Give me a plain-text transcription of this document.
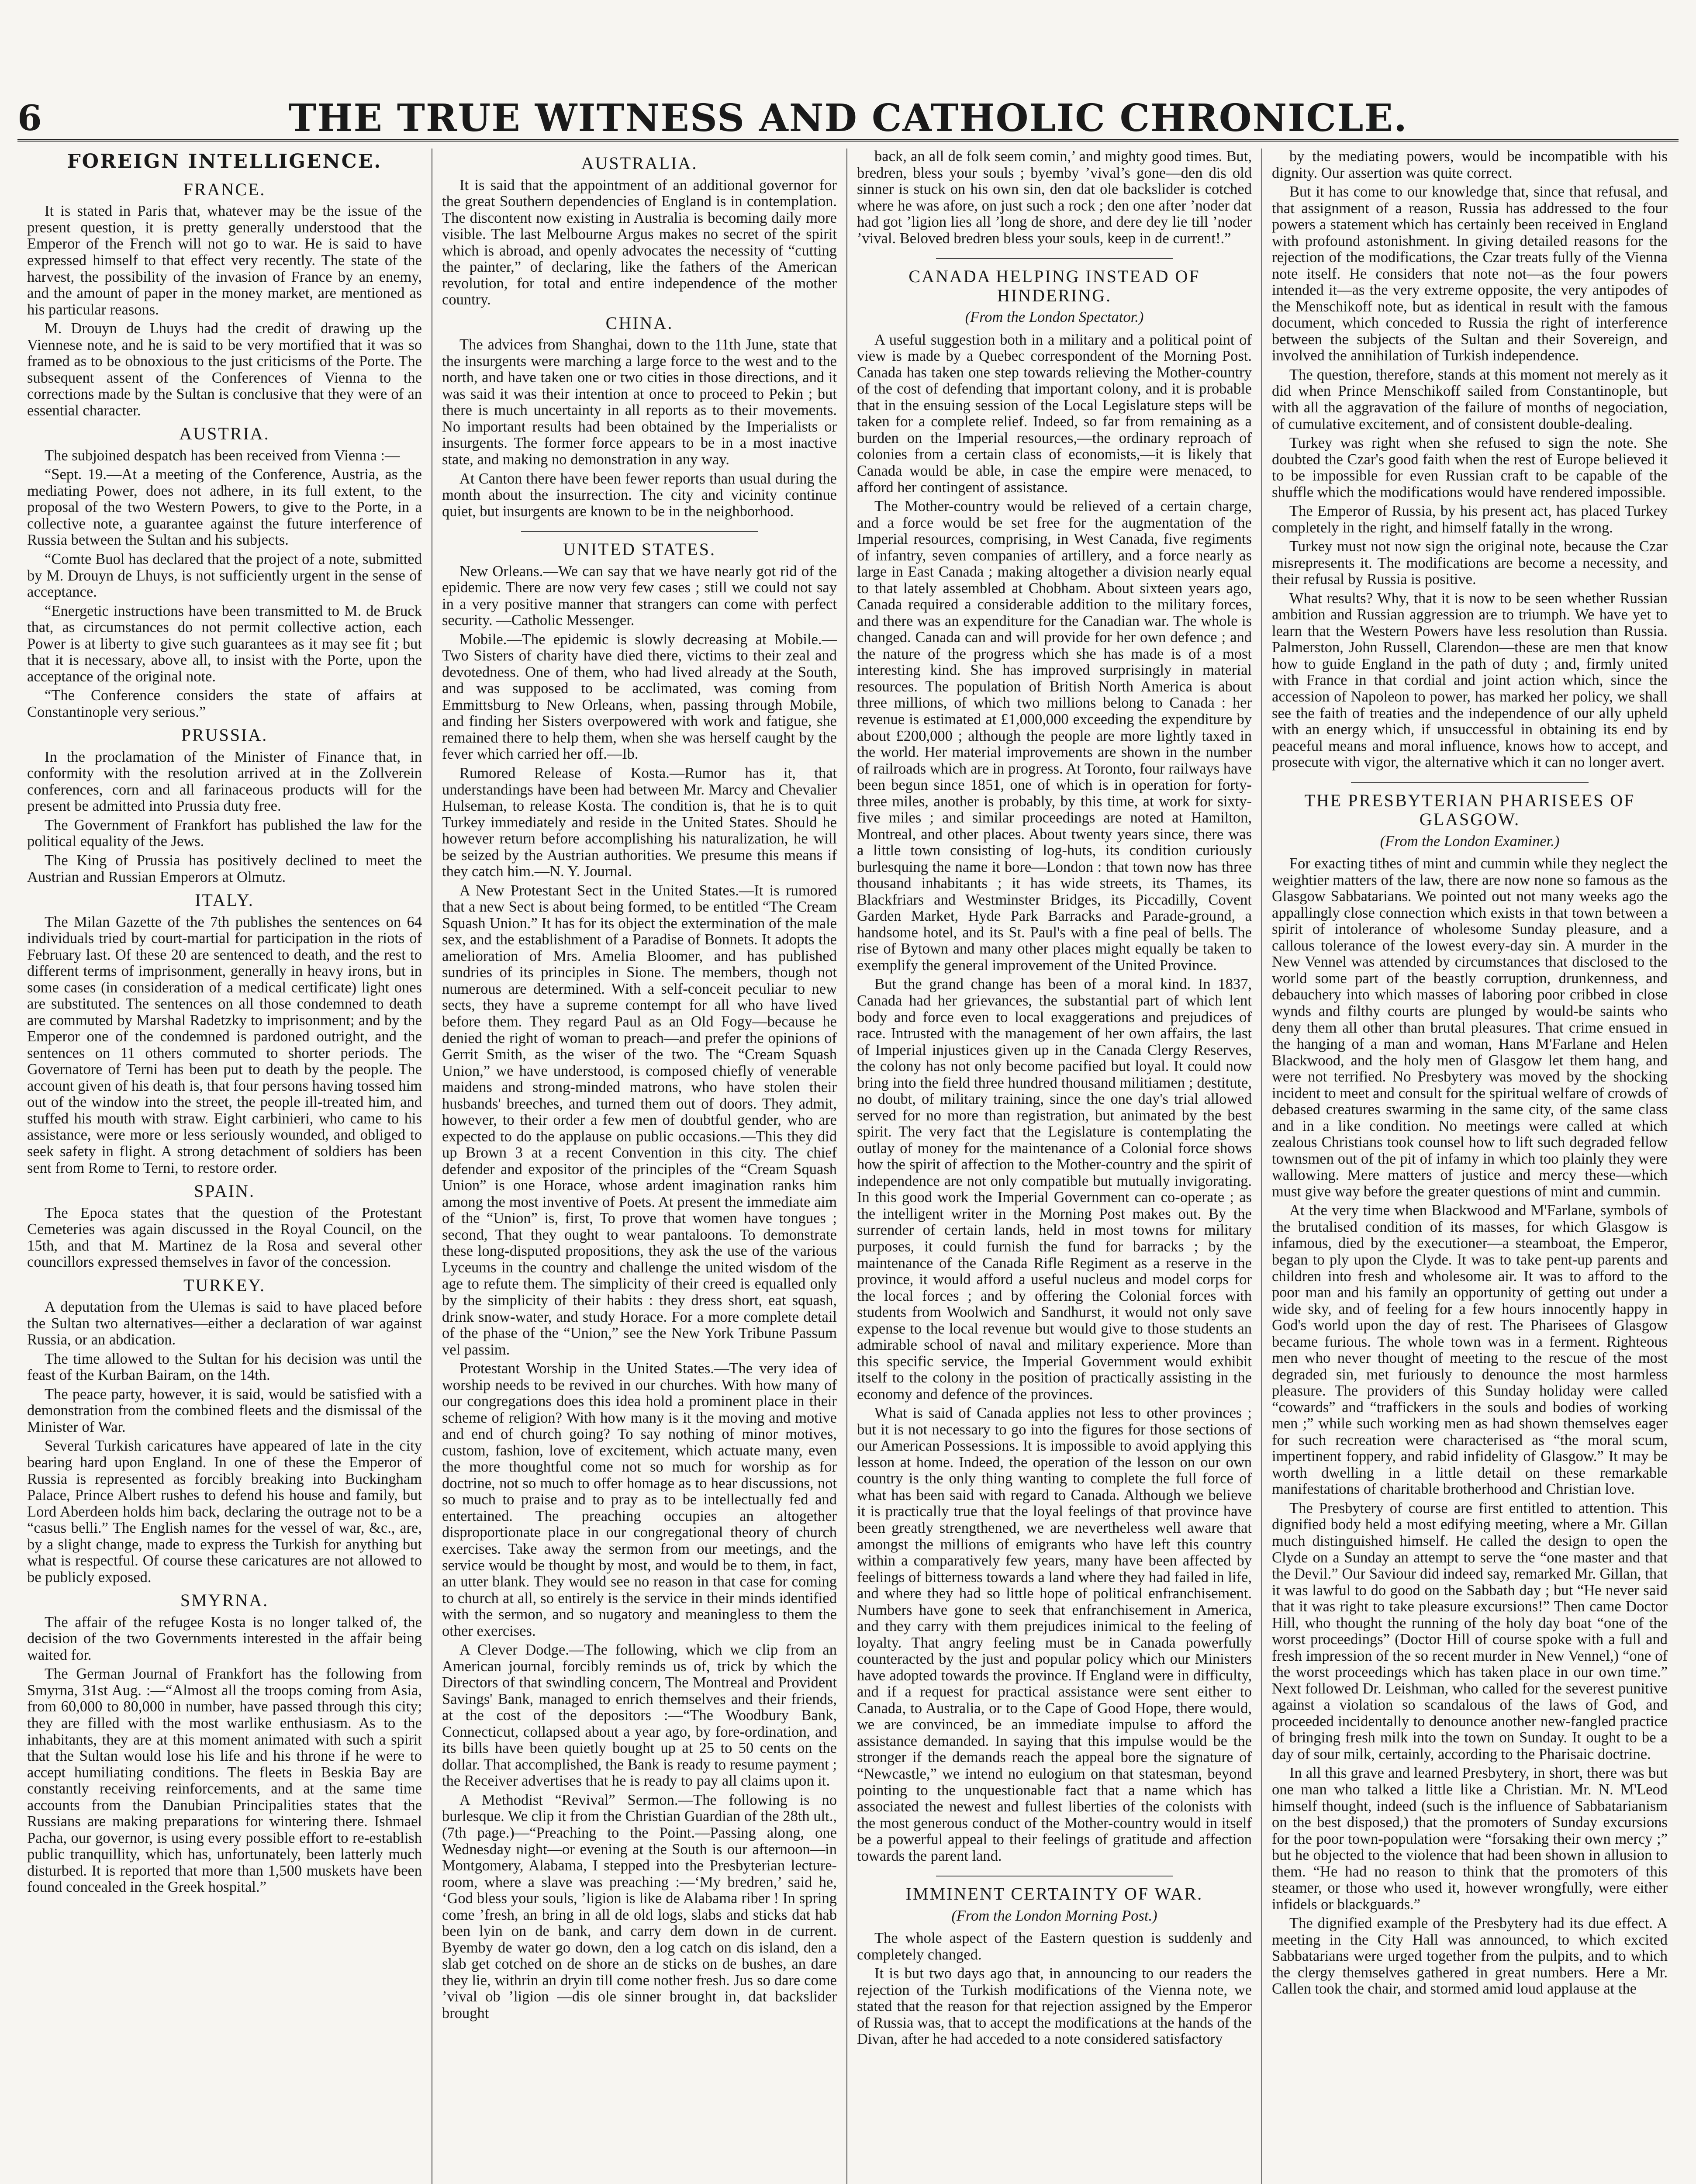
6	THE TRUE WITNESS AND CATHOLIC CHRONICLE.
FOREIGN INTELLIGENCE.
FRANCE.

It is stated in Paris that, whatever may be the issue of the present question, it is pretty generally understood that the Emperor of the French will not go to war. He is said to have expressed himself to that effect very recently. The state of the harvest, the possibility of the invasion of France by an enemy, and the amount of paper in the money market, are mentioned as his particular reasons.

M. Drouyn de Lhuys had the credit of drawing up the Viennese note, and he is said to be very mortified that it was so framed as to be obnoxious to the just criticisms of the Porte. The subsequent assent of the Conferences of Vienna to the corrections made by the Sultan is conclusive that they were of an essential character.

AUSTRIA.

The subjoined despatch has been received from Vienna :—

“Sept. 19.—At a meeting of the Conference, Austria, as the mediating Power, does not adhere, in its full extent, to the proposal of the two Western Powers, to give to the Porte, in a collective note, a guarantee against the future interference of Russia between the Sultan and his subjects.

“Comte Buol has declared that the project of a note, submitted by M. Drouyn de Lhuys, is not sufficiently urgent in the sense of acceptance.

“Energetic instructions have been transmitted to M. de Bruck that, as circumstances do not permit collective action, each Power is at liberty to give such guarantees as it may see fit ; but that it is necessary, above all, to insist with the Porte, upon the acceptance of the original note.

“The Conference considers the state of affairs at Constantinople very serious.”

PRUSSIA.

In the proclamation of the Minister of Finance that, in conformity with the resolution arrived at in the Zollverein conferences, corn and all farinaceous products will for the present be admitted into Prussia duty free.

The Government of Frankfort has published the law for the political equality of the Jews.

The King of Prussia has positively declined to meet the Austrian and Russian Emperors at Olmutz.

ITALY.

The Milan Gazette of the 7th publishes the sentences on 64 individuals tried by court-martial for participation in the riots of February last. Of these 20 are sentenced to death, and the rest to different terms of imprisonment, generally in heavy irons, but in some cases (in consideration of a medical certificate) light ones are substituted. The sentences on all those condemned to death are commuted by Marshal Radetzky to imprisonment; and by the Emperor one of the condemned is pardoned outright, and the sentences on 11 others commuted to shorter periods. The Governatore of Terni has been put to death by the people. The account given of his death is, that four persons having tossed him out of the window into the street, the people ill-treated him, and stuffed his mouth with straw. Eight carbinieri, who came to his assistance, were more or less seriously wounded, and obliged to seek safety in flight. A strong detachment of soldiers has been sent from Rome to Terni, to restore order.

SPAIN.

The Epoca states that the question of the Protestant Cemeteries was again discussed in the Royal Council, on the 15th, and that M. Martinez de la Rosa and several other councillors expressed themselves in favor of the concession.

TURKEY.

A deputation from the Ulemas is said to have placed before the Sultan two alternatives—either a declaration of war against Russia, or an abdication.

The time allowed to the Sultan for his decision was until the feast of the Kurban Bairam, on the 14th.

The peace party, however, it is said, would be satisfied with a demonstration from the combined fleets and the dismissal of the Minister of War.

Several Turkish caricatures have appeared of late in the city bearing hard upon England. In one of these the Emperor of Russia is represented as forcibly breaking into Buckingham Palace, Prince Albert rushes to defend his house and family, but Lord Aberdeen holds him back, declaring the outrage not to be a “casus belli.” The English names for the vessel of war, &c., are, by a slight change, made to express the Turkish for anything but what is respectful. Of course these caricatures are not allowed to be publicly exposed.

SMYRNA.

The affair of the refugee Kosta is no longer talked of, the decision of the two Governments interested in the affair being waited for.

The German Journal of Frankfort has the following from Smyrna, 31st Aug. :—“Almost all the troops coming from Asia, from 60,000 to 80,000 in number, have passed through this city; they are filled with the most warlike enthusiasm. As to the inhabitants, they are at this moment animated with such a spirit that the Sultan would lose his life and his throne if he were to accept humiliating conditions. The fleets in Beskia Bay are constantly receiving reinforcements, and at the same time accounts from the Danubian Principalities states that the Russians are making preparations for wintering there. Ishmael Pacha, our governor, is using every possible effort to re-establish public tranquillity, which has, unfortunately, been latterly much disturbed. It is reported that more than 1,500 muskets have been found concealed in the Greek hospital.”

AUSTRALIA.

It is said that the appointment of an additional governor for the great Southern dependencies of England is in contemplation. The discontent now existing in Australia is becoming daily more visible. The last Melbourne Argus makes no secret of the spirit which is abroad, and openly advocates the necessity of “cutting the painter,” of declaring, like the fathers of the American revolution, for total and entire independence of the mother country.

CHINA.

The advices from Shanghai, down to the 11th June, state that the insurgents were marching a large force to the west and to the north, and have taken one or two cities in those directions, and it was said it was their intention at once to proceed to Pekin ; but there is much uncertainty in all reports as to their movements. No important results had been obtained by the Imperialists or insurgents. The former force appears to be in a most inactive state, and making no demonstration in any way.

At Canton there have been fewer reports than usual during the month about the insurrection. The city and vicinity continue quiet, but insurgents are known to be in the neighborhood.

UNITED STATES.

New Orleans.—We can say that we have nearly got rid of the epidemic. There are now very few cases ; still we could not say in a very positive manner that strangers can come with perfect security. —Catholic Messenger.

Mobile.—The epidemic is slowly decreasing at Mobile.—Two Sisters of charity have died there, victims to their zeal and devotedness. One of them, who had lived already at the South, and was supposed to be acclimated, was coming from Emmittsburg to New Orleans, when, passing through Mobile, and finding her Sisters overpowered with work and fatigue, she remained there to help them, when she was herself caught by the fever which carried her off.—Ib.

Rumored Release of Kosta.—Rumor has it, that understandings have been had between Mr. Marcy and Chevalier Hulseman, to release Kosta. The condition is, that he is to quit Turkey immediately and reside in the United States. Should he however return before accomplishing his naturalization, he will be seized by the Austrian authorities. We presume this means if they catch him.—N. Y. Journal.

A New Protestant Sect in the United States.—It is rumored that a new Sect is about being formed, to be entitled “The Cream Squash Union.” It has for its object the extermination of the male sex, and the establishment of a Paradise of Bonnets. It adopts the amelioration of Mrs. Amelia Bloomer, and has published sundries of its principles in Sione. The members, though not numerous are determined. With a self-conceit peculiar to new sects, they have a supreme contempt for all who have lived before them. They regard Paul as an Old Fogy—because he denied the right of woman to preach—and prefer the opinions of Gerrit Smith, as the wiser of the two. The “Cream Squash Union,” we have understood, is composed chiefly of venerable maidens and strong-minded matrons, who have stolen their husbands' breeches, and turned them out of doors. They admit, however, to their order a few men of doubtful gender, who are expected to do the applause on public occasions.—This they did up Brown 3 at a recent Convention in this city. The chief defender and expositor of the principles of the “Cream Squash Union” is one Horace, whose ardent imagination ranks him among the most inventive of Poets. At present the immediate aim of the “Union” is, first, To prove that women have tongues ; second, That they ought to wear pantaloons. To demonstrate these long-disputed propositions, they ask the use of the various Lyceums in the country and challenge the united wisdom of the age to refute them. The simplicity of their creed is equalled only by the simplicity of their habits : they dress short, eat squash, drink snow-water, and study Horace. For a more complete detail of the phase of the “Union,” see the New York Tribune Passum vel passim.

Protestant Worship in the United States.—The very idea of worship needs to be revived in our churches. With how many of our congregations does this idea hold a prominent place in their scheme of religion? With how many is it the moving and motive and end of church going? To say nothing of minor motives, custom, fashion, love of excitement, which actuate many, even the more thoughtful come not so much for worship as for doctrine, not so much to offer homage as to hear discussions, not so much to praise and to pray as to be intellectually fed and entertained. The preaching occupies an altogether disproportionate place in our congregational theory of church exercises. Take away the sermon from our meetings, and the service would be thought by most, and would be to them, in fact, an utter blank. They would see no reason in that case for coming to church at all, so entirely is the service in their minds identified with the sermon, and so nugatory and meaningless to them the other exercises.

A Clever Dodge.—The following, which we clip from an American journal, forcibly reminds us of, trick by which the Directors of that swindling concern, The Montreal and Provident Savings' Bank, managed to enrich themselves and their friends, at the cost of the depositors :—“The Woodbury Bank, Connecticut, collapsed about a year ago, by fore-ordination, and its bills have been quietly bought up at 25 to 50 cents on the dollar. That accomplished, the Bank is ready to resume payment ; the Receiver advertises that he is ready to pay all claims upon it.

A Methodist “Revival” Sermon.—The following is no burlesque. We clip it from the Christian Guardian of the 28th ult., (7th page.)—“Preaching to the Point.—Passing along, one Wednesday night—or evening at the South is our afternoon—in Montgomery, Alabama, I stepped into the Presbyterian lecture-room, where a slave was preaching :—‘My bredren,’ said he, ‘God bless your souls, ’ligion is like de Alabama riber ! In spring come ’fresh, an bring in all de old logs, slabs and sticks dat hab been lyin on de bank, and carry dem down in de current. Byemby de water go down, den a log catch on dis island, den a slab get cotched on de shore an de sticks on de bushes, an dare they lie, withrin an dryin till come nother fresh. Jus so dare come ’vival ob ’ligion —dis ole sinner brought in, dat backslider brought

back, an all de folk seem comin,’ and mighty good times. But, bredren, bless your souls ; byemby ’vival’s gone—den dis old sinner is stuck on his own sin, den dat ole backslider is cotched where he was afore, on just such a rock ; den one after ’noder dat had got ’ligion lies all ’long de shore, and dere dey lie till ’noder ’vival. Beloved bredren bless your souls, keep in de current!.”

CANADA HELPING INSTEAD OF HINDERING.
(From the London Spectator.)

A useful suggestion both in a military and a political point of view is made by a Quebec correspondent of the Morning Post. Canada has taken one step towards relieving the Mother-country of the cost of defending that important colony, and it is probable that in the ensuing session of the Local Legislature steps will be taken for a complete relief. Indeed, so far from remaining as a burden on the Imperial resources,—the ordinary reproach of colonies from a certain class of economists,—it is likely that Canada would be able, in case the empire were menaced, to afford her contingent of assistance.

The Mother-country would be relieved of a certain charge, and a force would be set free for the augmentation of the Imperial resources, comprising, in West Canada, five regiments of infantry, seven companies of artillery, and a force nearly as large in East Canada ; making altogether a division nearly equal to that lately assembled at Chobham. About sixteen years ago, Canada required a considerable addition to the military forces, and there was an expenditure for the Canadian war. The whole is changed. Canada can and will provide for her own defence ; and the nature of the progress which she has made is of a most interesting kind. She has improved surprisingly in material resources. The population of British North America is about three millions, of which two millions belong to Canada : her revenue is estimated at £1,000,000 exceeding the expenditure by about £200,000 ; although the people are more lightly taxed in the world. Her material improvements are shown in the number of railroads which are in progress. At Toronto, four railways have been begun since 1851, one of which is in operation for forty-three miles, another is probably, by this time, at work for sixty-five miles ; and similar proceedings are noted at Hamilton, Montreal, and other places. About twenty years since, there was a little town consisting of log-huts, its condition curiously burlesquing the name it bore—London : that town now has three thousand inhabitants ; it has wide streets, its Thames, its Blackfriars and Westminster Bridges, its Piccadilly, Covent Garden Market, Hyde Park Barracks and Parade-ground, a handsome hotel, and its St. Paul's with a fine peal of bells. The rise of Bytown and many other places might equally be taken to exemplify the general improvement of the United Province.

But the grand change has been of a moral kind. In 1837, Canada had her grievances, the substantial part of which lent body and force even to local exaggerations and prejudices of race. Intrusted with the management of her own affairs, the last of Imperial injustices given up in the Canada Clergy Reserves, the colony has not only become pacified but loyal. It could now bring into the field three hundred thousand militiamen ; destitute, no doubt, of military training, since the one day's trial allowed served for no more than registration, but animated by the best spirit. The very fact that the Legislature is contemplating the outlay of money for the maintenance of a Colonial force shows how the spirit of affection to the Mother-country and the spirit of independence are not only compatible but mutually invigorating. In this good work the Imperial Government can co-operate ; as the intelligent writer in the Morning Post makes out. By the surrender of certain lands, held in most towns for military purposes, it could furnish the fund for barracks ; by the maintenance of the Canada Rifle Regiment as a reserve in the province, it would afford a useful nucleus and model corps for the local forces ; and by offering the Colonial forces with students from Woolwich and Sandhurst, it would not only save expense to the local revenue but would give to those students an admirable school of naval and military experience. More than this specific service, the Imperial Government would exhibit itself to the colony in the position of practically assisting in the economy and defence of the provinces.

What is said of Canada applies not less to other provinces ; but it is not necessary to go into the figures for those sections of our American Possessions. It is impossible to avoid applying this lesson at home. Indeed, the operation of the lesson on our own country is the only thing wanting to complete the full force of what has been said with regard to Canada. Although we believe it is practically true that the loyal feelings of that province have been greatly strengthened, we are nevertheless well aware that amongst the millions of emigrants who have left this country within a comparatively few years, many have been affected by feelings of bitterness towards a land where they had failed in life, and where they had so little hope of political enfranchisement. Numbers have gone to seek that enfranchisement in America, and they carry with them prejudices inimical to the feeling of loyalty. That angry feeling must be in Canada powerfully counteracted by the just and popular policy which our Ministers have adopted towards the province. If England were in difficulty, and if a request for practical assistance were sent either to Canada, to Australia, or to the Cape of Good Hope, there would, we are convinced, be an immediate impulse to afford the assistance demanded. In saying that this impulse would be the stronger if the demands reach the appeal bore the signature of “Newcastle,” we intend no eulogium on that statesman, beyond pointing to the unquestionable fact that a name which has associated the newest and fullest liberties of the colonists with the most generous conduct of the Mother-country would in itself be a powerful appeal to their feelings of gratitude and affection towards the parent land.

IMMINENT CERTAINTY OF WAR.
(From the London Morning Post.)

The whole aspect of the Eastern question is suddenly and completely changed.

It is but two days ago that, in announcing to our readers the rejection of the Turkish modifications of the Vienna note, we stated that the reason for that rejection assigned by the Emperor of Russia was, that to accept the modifications at the hands of the Divan, after he had acceded to a note considered satisfactory

by the mediating powers, would be incompatible with his dignity. Our assertion was quite correct.

But it has come to our knowledge that, since that refusal, and that assignment of a reason, Russia has addressed to the four powers a statement which has certainly been received in England with profound astonishment. In giving detailed reasons for the rejection of the modifications, the Czar treats fully of the Vienna note itself. He considers that note not—as the four powers intended it—as the very extreme opposite, the very antipodes of the Menschikoff note, but as identical in result with the famous document, which conceded to Russia the right of interference between the subjects of the Sultan and their Sovereign, and involved the annihilation of Turkish independence.

The question, therefore, stands at this moment not merely as it did when Prince Menschikoff sailed from Constantinople, but with all the aggravation of the failure of months of negociation, of cumulative excitement, and of consistent double-dealing.

Turkey was right when she refused to sign the note. She doubted the Czar's good faith when the rest of Europe believed it to be impossible for even Russian craft to be capable of the shuffle which the modifications would have rendered impossible.

The Emperor of Russia, by his present act, has placed Turkey completely in the right, and himself fatally in the wrong.

Turkey must not now sign the original note, because the Czar misrepresents it. The modifications are become a necessity, and their refusal by Russia is positive.

What results? Why, that it is now to be seen whether Russian ambition and Russian aggression are to triumph. We have yet to learn that the Western Powers have less resolution than Russia. Palmerston, John Russell, Clarendon—these are men that know how to guide England in the path of duty ; and, firmly united with France in that cordial and joint action which, since the accession of Napoleon to power, has marked her policy, we shall see the faith of treaties and the independence of our ally upheld with an energy which, if unsuccessful in obtaining its end by peaceful means and moral influence, knows how to accept, and prosecute with vigor, the alternative which it can no longer avert.

THE PRESBYTERIAN PHARISEES OF GLASGOW.
(From the London Examiner.)

For exacting tithes of mint and cummin while they neglect the weightier matters of the law, there are now none so famous as the Glasgow Sabbatarians. We pointed out not many weeks ago the appallingly close connection which exists in that town between a spirit of intolerance of wholesome Sunday pleasure, and a callous tolerance of the lowest every-day sin. A murder in the New Vennel was attended by circumstances that disclosed to the world some part of the beastly corruption, drunkenness, and debauchery into which masses of laboring poor cribbed in close wynds and filthy courts are plunged by would-be saints who deny them all other than brutal pleasures. That crime ensued in the hanging of a man and woman, Hans M'Farlane and Helen Blackwood, and the holy men of Glasgow let them hang, and were not terrified. No Presbytery was moved by the shocking incident to meet and consult for the spiritual welfare of crowds of debased creatures swarming in the same city, of the same class and in a like condition. No meetings were called at which zealous Christians took counsel how to lift such degraded fellow townsmen out of the pit of infamy in which too plainly they were wallowing. Mere matters of justice and mercy these—which must give way before the greater questions of mint and cummin.

At the very time when Blackwood and M'Farlane, symbols of the brutalised condition of its masses, for which Glasgow is infamous, died by the executioner—a steamboat, the Emperor, began to ply upon the Clyde. It was to take pent-up parents and children into fresh and wholesome air. It was to afford to the poor man and his family an opportunity of getting out under a wide sky, and of feeling for a few hours innocently happy in God's world upon the day of rest. The Pharisees of Glasgow became furious. The whole town was in a ferment. Righteous men who never thought of meeting to the rescue of the most degraded sin, met furiously to denounce the most harmless pleasure. The providers of this Sunday holiday were called “cowards” and “traffickers in the souls and bodies of working men ;” while such working men as had shown themselves eager for such recreation were characterised as “the moral scum, impertinent foppery, and rabid infidelity of Glasgow.” It may be worth dwelling in a little detail on these remarkable manifestations of charitable brotherhood and Christian love.

The Presbytery of course are first entitled to attention. This dignified body held a most edifying meeting, where a Mr. Gillan much distinguished himself. He called the design to open the Clyde on a Sunday an attempt to serve the “one master and that the Devil.” Our Saviour did indeed say, remarked Mr. Gillan, that it was lawful to do good on the Sabbath day ; but “He never said that it was right to take pleasure excursions!” Then came Doctor Hill, who thought the running of the holy day boat “one of the worst proceedings” (Doctor Hill of course spoke with a full and fresh impression of the so recent murder in New Vennel,) “one of the worst proceedings which has taken place in our own time.” Next followed Dr. Leishman, who called for the severest punitive against a violation so scandalous of the laws of God, and proceeded incidentally to denounce another new-fangled practice of bringing fresh milk into the town on Sunday. It ought to be a day of sour milk, certainly, according to the Pharisaic doctrine.

In all this grave and learned Presbytery, in short, there was but one man who talked a little like a Christian. Mr. N. M'Leod himself thought, indeed (such is the influence of Sabbatarianism on the best disposed,) that the promoters of Sunday excursions for the poor town-population were “forsaking their own mercy ;” but he objected to the violence that had been shown in allusion to them. “He had no reason to think that the promoters of this steamer, or those who used it, however wrongfully, were either infidels or blackguards.”

The dignified example of the Presbytery had its due effect. A meeting in the City Hall was announced, to which excited Sabbatarians were urged together from the pulpits, and to which the clergy themselves gathered in great numbers. Here a Mr. Callen took the chair, and stormed amid loud applause at the
